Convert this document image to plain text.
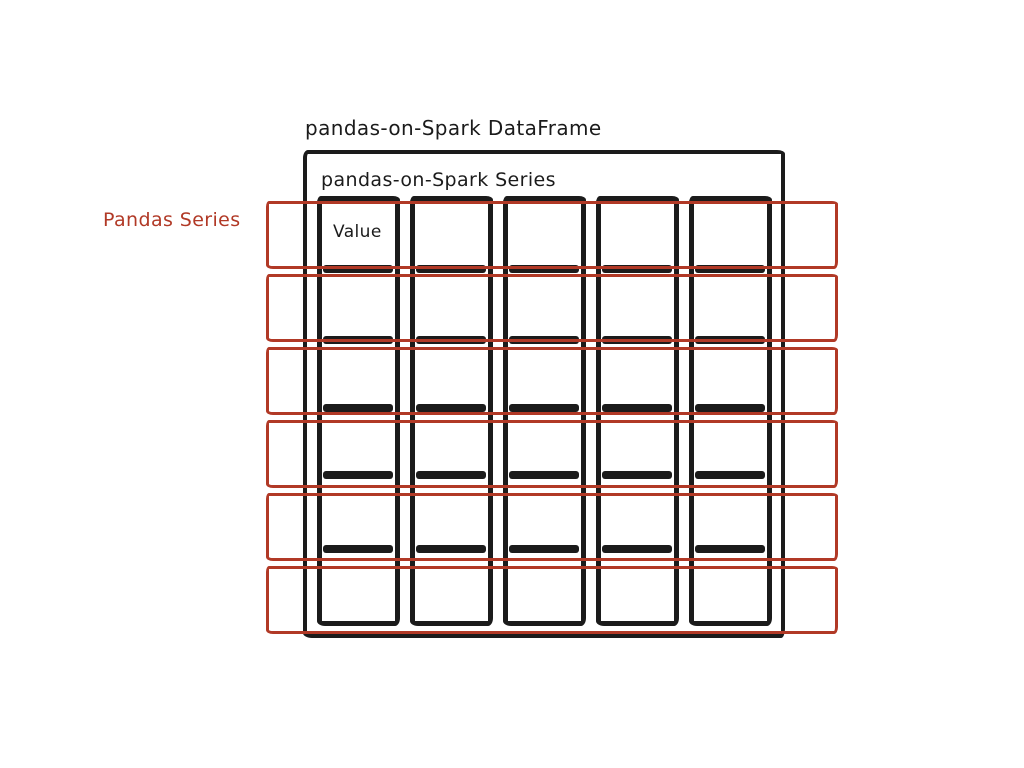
pandas-on-Spark DataFrame
pandas-on-Spark Series
Pandas Series
Value
